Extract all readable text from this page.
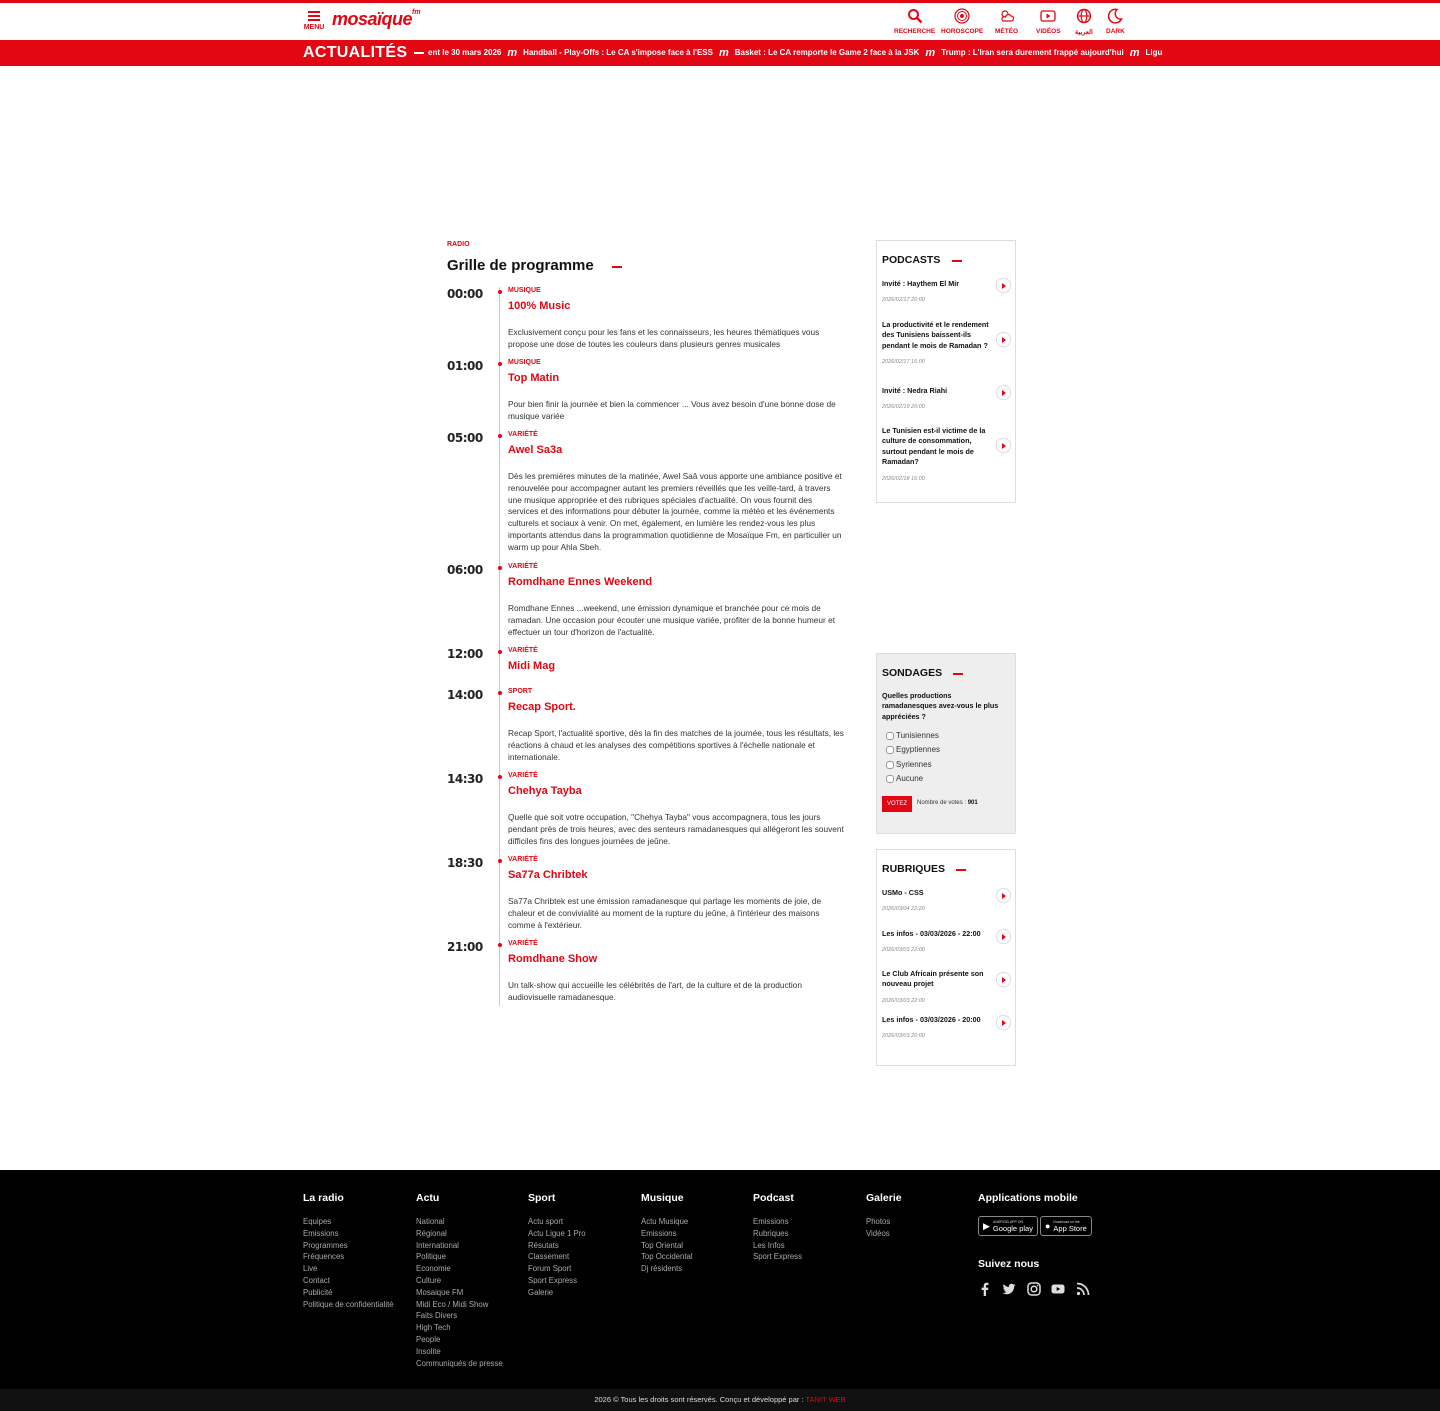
MENU mosaïque$^{fm}$
RECHERCHE HOROSCOPE MÉTÉO	VIDÉOS العربية DARK
ACTUALITÉS	ent le 30 mars 2026 m Handball - Play-Offs : Le CA s'impose face à l'ESS m Basket : Le CA remporte le Game 2 face à la JSK m Trump : L'Iran sera durement frappé aujourd'hui m Ligu
RADIO
Grille de programme
00:00	MUSIQUE
100% Music
Exclusivement conçu pour les fans et les connaisseurs, les heures thématiques vous propose une dose de toutes les couleurs dans plusieurs genres musicales
01:00	MUSIQUE
Top Matin
Pour bien finir la journée et bien la commencer ... Vous avez besoin d'une bonne dose de musique variée
05:00	VARIÉTÉ
Awel Sa3a
Dès les premières minutes de la matinée, Awel Saâ vous apporte une ambiance positive et renouvelée pour accompagner autant les premiers réveillés que les veille-tard, à travers une musique appropriée et des rubriques spéciales d'actualité. On vous fournit des services et des informations pour débuter la journée, comme la météo et les événements culturels et sociaux à venir. On met, également, en lumière les rendez-vous les plus importants attendus dans la programmation quotidienne de Mosaïque Fm, en particulier un warm up pour Ahla Sbeh.
06:00	VARIÉTÉ
Romdhane Ennes Weekend
Romdhane Ennes ...weekend, une émission dynamique et branchée pour ce mois de ramadan. Une occasion pour écouter une musique variée, profiter de la bonne humeur et effectuer un tour d'horizon de l'actualité.
12:00	VARIÉTÉ
Midi Mag
14:00	SPORT
Recap Sport.
Recap Sport, l'actualité sportive, dès la fin des matches de la journée, tous les résultats, les réactions à chaud et les analyses des compétitions sportives à l'échelle nationale et internationale.
14:30	VARIÉTÉ
Chehya Tayba
Quelle que soit votre occupation, "Chehya Tayba" vous accompagnera, tous les jours pendant près de trois heures, avec des senteurs ramadanesques qui allégeront les souvent difficiles fins des longues journées de jeûne.
18:30	VARIÉTÉ
Sa77a Chribtek
Sa77a Chribtek est une émission ramadanesque qui partage les moments de joie, de chaleur et de convivialité au moment de la rupture du jeûne, à l'intérieur des maisons comme à l'extérieur.
21:00	VARIÉTÉ
Romdhane Show
Un talk-show qui accueille les célébrités de l'art, de la culture et de la production audiovisuelle ramadanesque.
PODCASTS
Invité : Haythem El Mir
2026/02/17 20:00
La productivité et le rendement des Tunisiens baissent-ils pendant le mois de Ramadan ?
2026/02/17 16:00
Invité : Nedra Riahi
2026/02/19 20:00
Le Tunisien est-il victime de la culture de consommation, surtout pendant le mois de Ramadan?
2026/02/18 16:00
SONDAGES
Quelles productions ramadanesques avez-vous le plus appréciées ?
Tunisiennes
Egyptiennes
Syriennes
Aucune
VOTEZ	Nombre de votes : 901
RUBRIQUES
USMo - CSS
2026/03/04 22:20
Les infos - 03/03/2026 - 22:00
2026/03/03 22:00
Le Club Africain présente son nouveau projet
2026/03/03 22:00
Les infos - 03/03/2026 - 20:00
2026/03/03 20:00
La radio
Equipes
Emissions
Programmes
Fréquences
Live
Contact
Publicité
Politique de confidentialité
Actu
National
Régional
International
Politique
Economie
Culture
Mosaique FM
Midi Eco / Midi Show
Faits Divers
High Tech
People
Insolite
Communiqués de presse
Sport
Actu sport
Actu Ligue 1 Pro
Résutats
Classement
Forum Sport
Sport Express
Galerie
Musique
Actu Musique
Emissions
Top Oriental
Top Occidental
Dj résidents
Podcast
Emissions
Rubriques
Les Infos
Sport Express
Galerie
Photos
Vidéos
Applications mobile
▶ ANDROID APP ON
Google play ● Download on the
App Store
Suivez nous

2026 © Tous les droits sont réservés. Conçu et développé par : TANIT WEB
